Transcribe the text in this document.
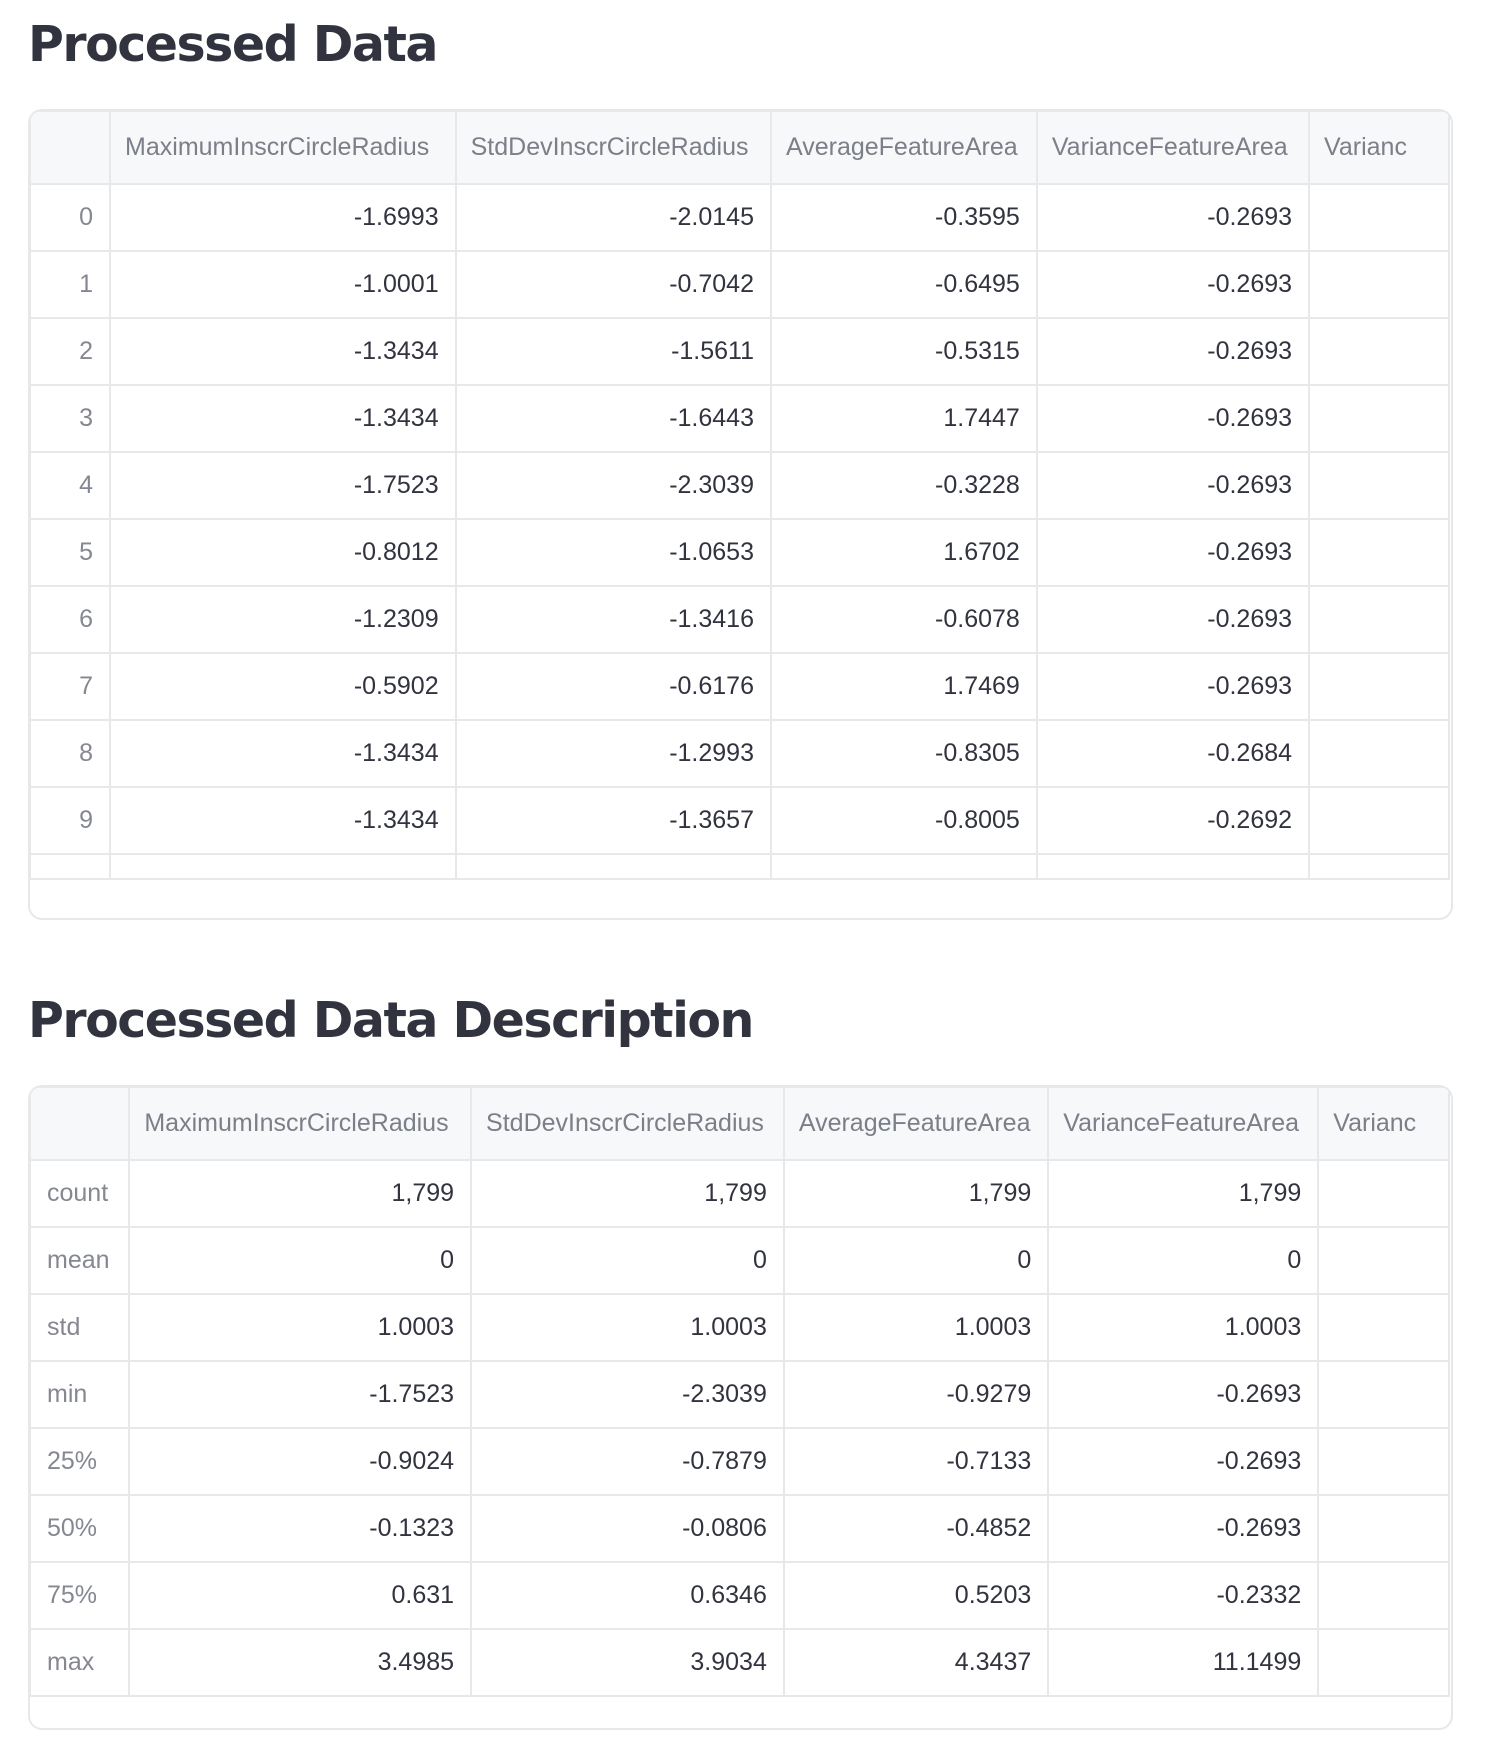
Processed Data
	MaximumInscrCircleRadius	StdDevInscrCircleRadius	AverageFeatureArea	VarianceFeatureArea	Varianc
0	-1.6993	-2.0145	-0.3595	-0.2693	
1	-1.0001	-0.7042	-0.6495	-0.2693	
2	-1.3434	-1.5611	-0.5315	-0.2693	
3	-1.3434	-1.6443	1.7447	-0.2693	
4	-1.7523	-2.3039	-0.3228	-0.2693	
5	-0.8012	-1.0653	1.6702	-0.2693	
6	-1.2309	-1.3416	-0.6078	-0.2693	
7	-0.5902	-0.6176	1.7469	-0.2693	
8	-1.3434	-1.2993	-0.8305	-0.2684	
9	-1.3434	-1.3657	-0.8005	-0.2692	

Processed Data Description
	MaximumInscrCircleRadius	StdDevInscrCircleRadius	AverageFeatureArea	VarianceFeatureArea	Varianc
count	1,799	1,799	1,799	1,799	
mean	0	0	0	0	
std	1.0003	1.0003	1.0003	1.0003	
min	-1.7523	-2.3039	-0.9279	-0.2693	
25%	-0.9024	-0.7879	-0.7133	-0.2693	
50%	-0.1323	-0.0806	-0.4852	-0.2693	
75%	0.631	0.6346	0.5203	-0.2332	
max	3.4985	3.9034	4.3437	11.1499	
